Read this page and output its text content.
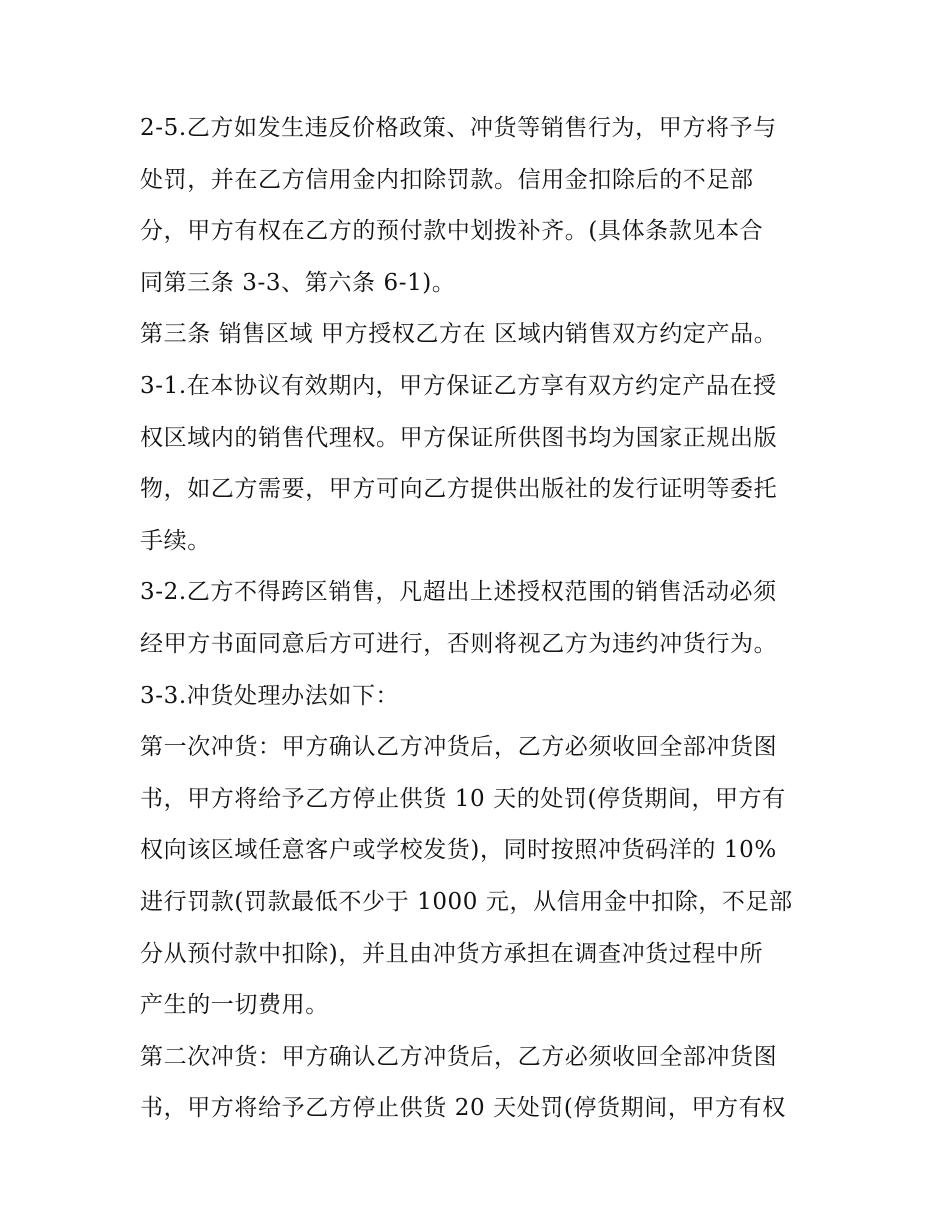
2-5.乙方如发生违反价格政策、冲货等销售行为，甲方将予与

处罚，并在乙方信用金内扣除罚款。信用金扣除后的不足部

分，甲方有权在乙方的预付款中划拨补齐。(具体条款见本合

同第三条 3-3、第六条 6-1)。

第三条 销售区域 甲方授权乙方在 区域内销售双方约定产品。

3-1.在本协议有效期内，甲方保证乙方享有双方约定产品在授

权区域内的销售代理权。甲方保证所供图书均为国家正规出版

物，如乙方需要，甲方可向乙方提供出版社的发行证明等委托

手续。

3-2.乙方不得跨区销售，凡超出上述授权范围的销售活动必须

经甲方书面同意后方可进行，否则将视乙方为违约冲货行为。

3-3.冲货处理办法如下：

第一次冲货：甲方确认乙方冲货后，乙方必须收回全部冲货图

书，甲方将给予乙方停止供货 10 天的处罚(停货期间，甲方有

权向该区域任意客户或学校发货)，同时按照冲货码洋的 10%

进行罚款(罚款最低不少于 1000 元，从信用金中扣除，不足部

分从预付款中扣除)，并且由冲货方承担在调查冲货过程中所

产生的一切费用。

第二次冲货：甲方确认乙方冲货后，乙方必须收回全部冲货图

书，甲方将给予乙方停止供货 20 天处罚(停货期间，甲方有权
